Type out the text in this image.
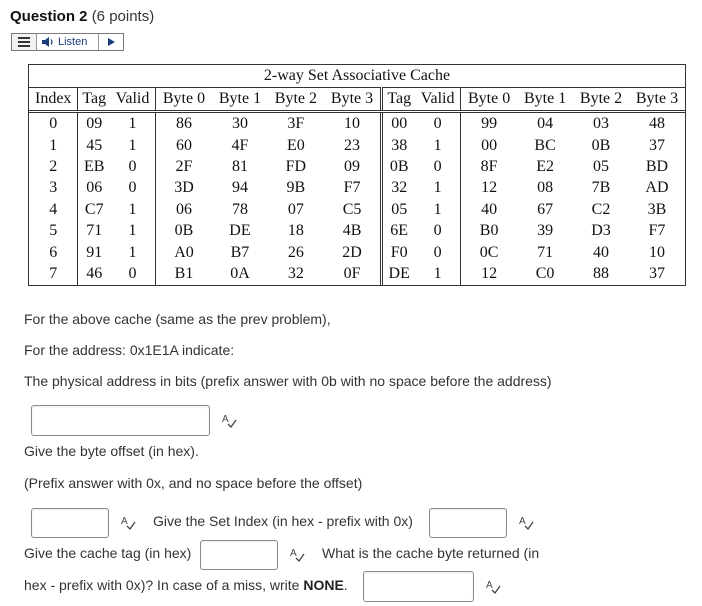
Question 2 (6 points)
Listen
2-way Set Associative Cache												
Index	Tag	Valid	Byte 0	Byte 1	Byte 2	Byte 3	Tag	Valid	Byte 0	Byte 1	Byte 2	Byte 3
0	09	1	86	30	3F	10	00	0	99	04	03	48
1	45	1	60	4F	E0	23	38	1	00	BC	0B	37
2	EB	0	2F	81	FD	09	0B	0	8F	E2	05	BD
3	06	0	3D	94	9B	F7	32	1	12	08	7B	AD
4	C7	1	06	78	07	C5	05	1	40	67	C2	3B
5	71	1	0B	DE	18	4B	6E	0	B0	39	D3	F7
6	91	1	A0	B7	26	2D	F0	0	0C	71	40	10
7	46	0	B1	0A	32	0F	DE	1	12	C0	88	37
For the above cache (same as the prev problem),
For the address: 0x1E1A indicate:
The physical address in bits (prefix answer with 0b with no space before the address)
A
Give the byte offset (in hex).
(Prefix answer with 0x, and no space before the offset)
A Give the Set Index (in hex - prefix with 0x)	A
Give the cache tag (in hex)	A What is the cache byte returned (in
hex - prefix with 0x)? In case of a miss, write NONE.	A
